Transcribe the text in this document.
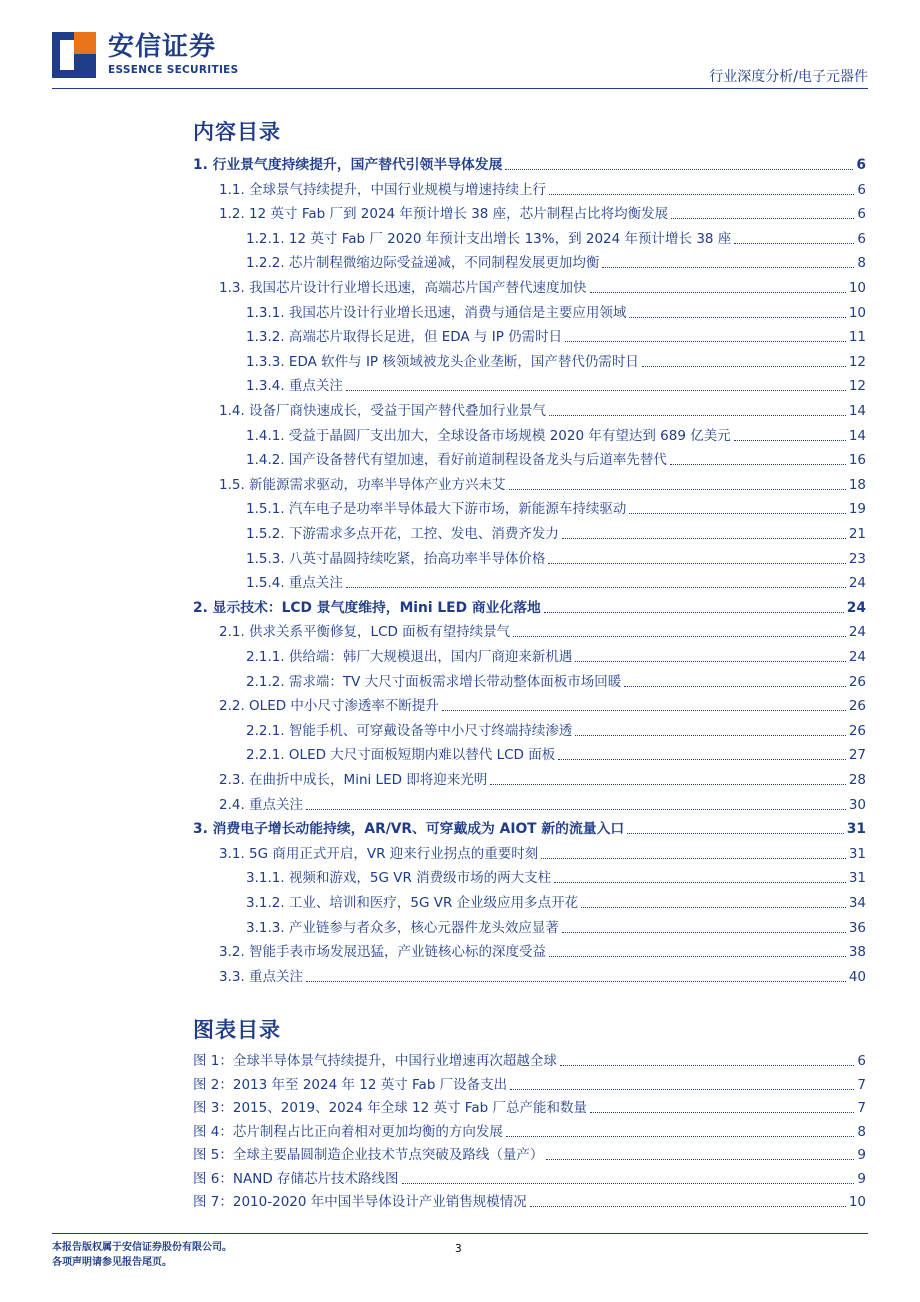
安信证券
ESSENCE SECURITIES	行业深度分析/电子元器件
内容目录
1. 行业景气度持续提升，国产替代引领半导体发展	6
1.1. 全球景气持续提升，中国行业规模与增速持续上行	6
1.2. 12 英寸 Fab 厂到 2024 年预计增长 38 座，芯片制程占比将均衡发展	6
1.2.1. 12 英寸 Fab 厂 2020 年预计支出增长 13%，到 2024 年预计增长 38 座	6
1.2.2. 芯片制程微缩边际受益递减，不同制程发展更加均衡	8
1.3. 我国芯片设计行业增长迅速，高端芯片国产替代速度加快	10
1.3.1. 我国芯片设计行业增长迅速，消费与通信是主要应用领域	10
1.3.2. 高端芯片取得长足进，但 EDA 与 IP 仍需时日	11
1.3.3. EDA 软件与 IP 核领域被龙头企业垄断，国产替代仍需时日	12
1.3.4. 重点关注	12
1.4. 设备厂商快速成长，受益于国产替代叠加行业景气	14
1.4.1. 受益于晶圆厂支出加大，全球设备市场规模 2020 年有望达到 689 亿美元	14
1.4.2. 国产设备替代有望加速，看好前道制程设备龙头与后道率先替代	16
1.5. 新能源需求驱动，功率半导体产业方兴未艾	18
1.5.1. 汽车电子是功率半导体最大下游市场，新能源车持续驱动	19
1.5.2. 下游需求多点开花，工控、发电、消费齐发力	21
1.5.3. 八英寸晶圆持续吃紧，抬高功率半导体价格	23
1.5.4. 重点关注	24
2. 显示技术：LCD 景气度维持，Mini LED 商业化落地	24
2.1. 供求关系平衡修复，LCD 面板有望持续景气	24
2.1.1. 供给端：韩厂大规模退出，国内厂商迎来新机遇	24
2.1.2. 需求端：TV 大尺寸面板需求增长带动整体面板市场回暖	26
2.2. OLED 中小尺寸渗透率不断提升	26
2.2.1. 智能手机、可穿戴设备等中小尺寸终端持续渗透	26
2.2.1. OLED 大尺寸面板短期内难以替代 LCD 面板	27
2.3. 在曲折中成长，Mini LED 即将迎来光明	28
2.4. 重点关注	30
3. 消费电子增长动能持续，AR/VR、可穿戴成为 AIOT 新的流量入口	31
3.1. 5G 商用正式开启，VR 迎来行业拐点的重要时刻	31
3.1.1. 视频和游戏，5G VR 消费级市场的两大支柱	31
3.1.2. 工业、培训和医疗，5G VR 企业级应用多点开花	34
3.1.3. 产业链参与者众多，核心元器件龙头效应显著	36
3.2. 智能手表市场发展迅猛，产业链核心标的深度受益	38
3.3. 重点关注	40
图表目录
图 1：全球半导体景气持续提升，中国行业增速再次超越全球	6
图 2：2013 年至 2024 年 12 英寸 Fab 厂设备支出	7
图 3：2015、2019、2024 年全球 12 英寸 Fab 厂总产能和数量	7
图 4：芯片制程占比正向着相对更加均衡的方向发展	8
图 5：全球主要晶圆制造企业技术节点突破及路线（量产）	9
图 6：NAND 存储芯片技术路线图	9
图 7：2010-2020 年中国半导体设计产业销售规模情况	10
本报告版权属于安信证券股份有限公司。
各项声明请参见报告尾页。
3
